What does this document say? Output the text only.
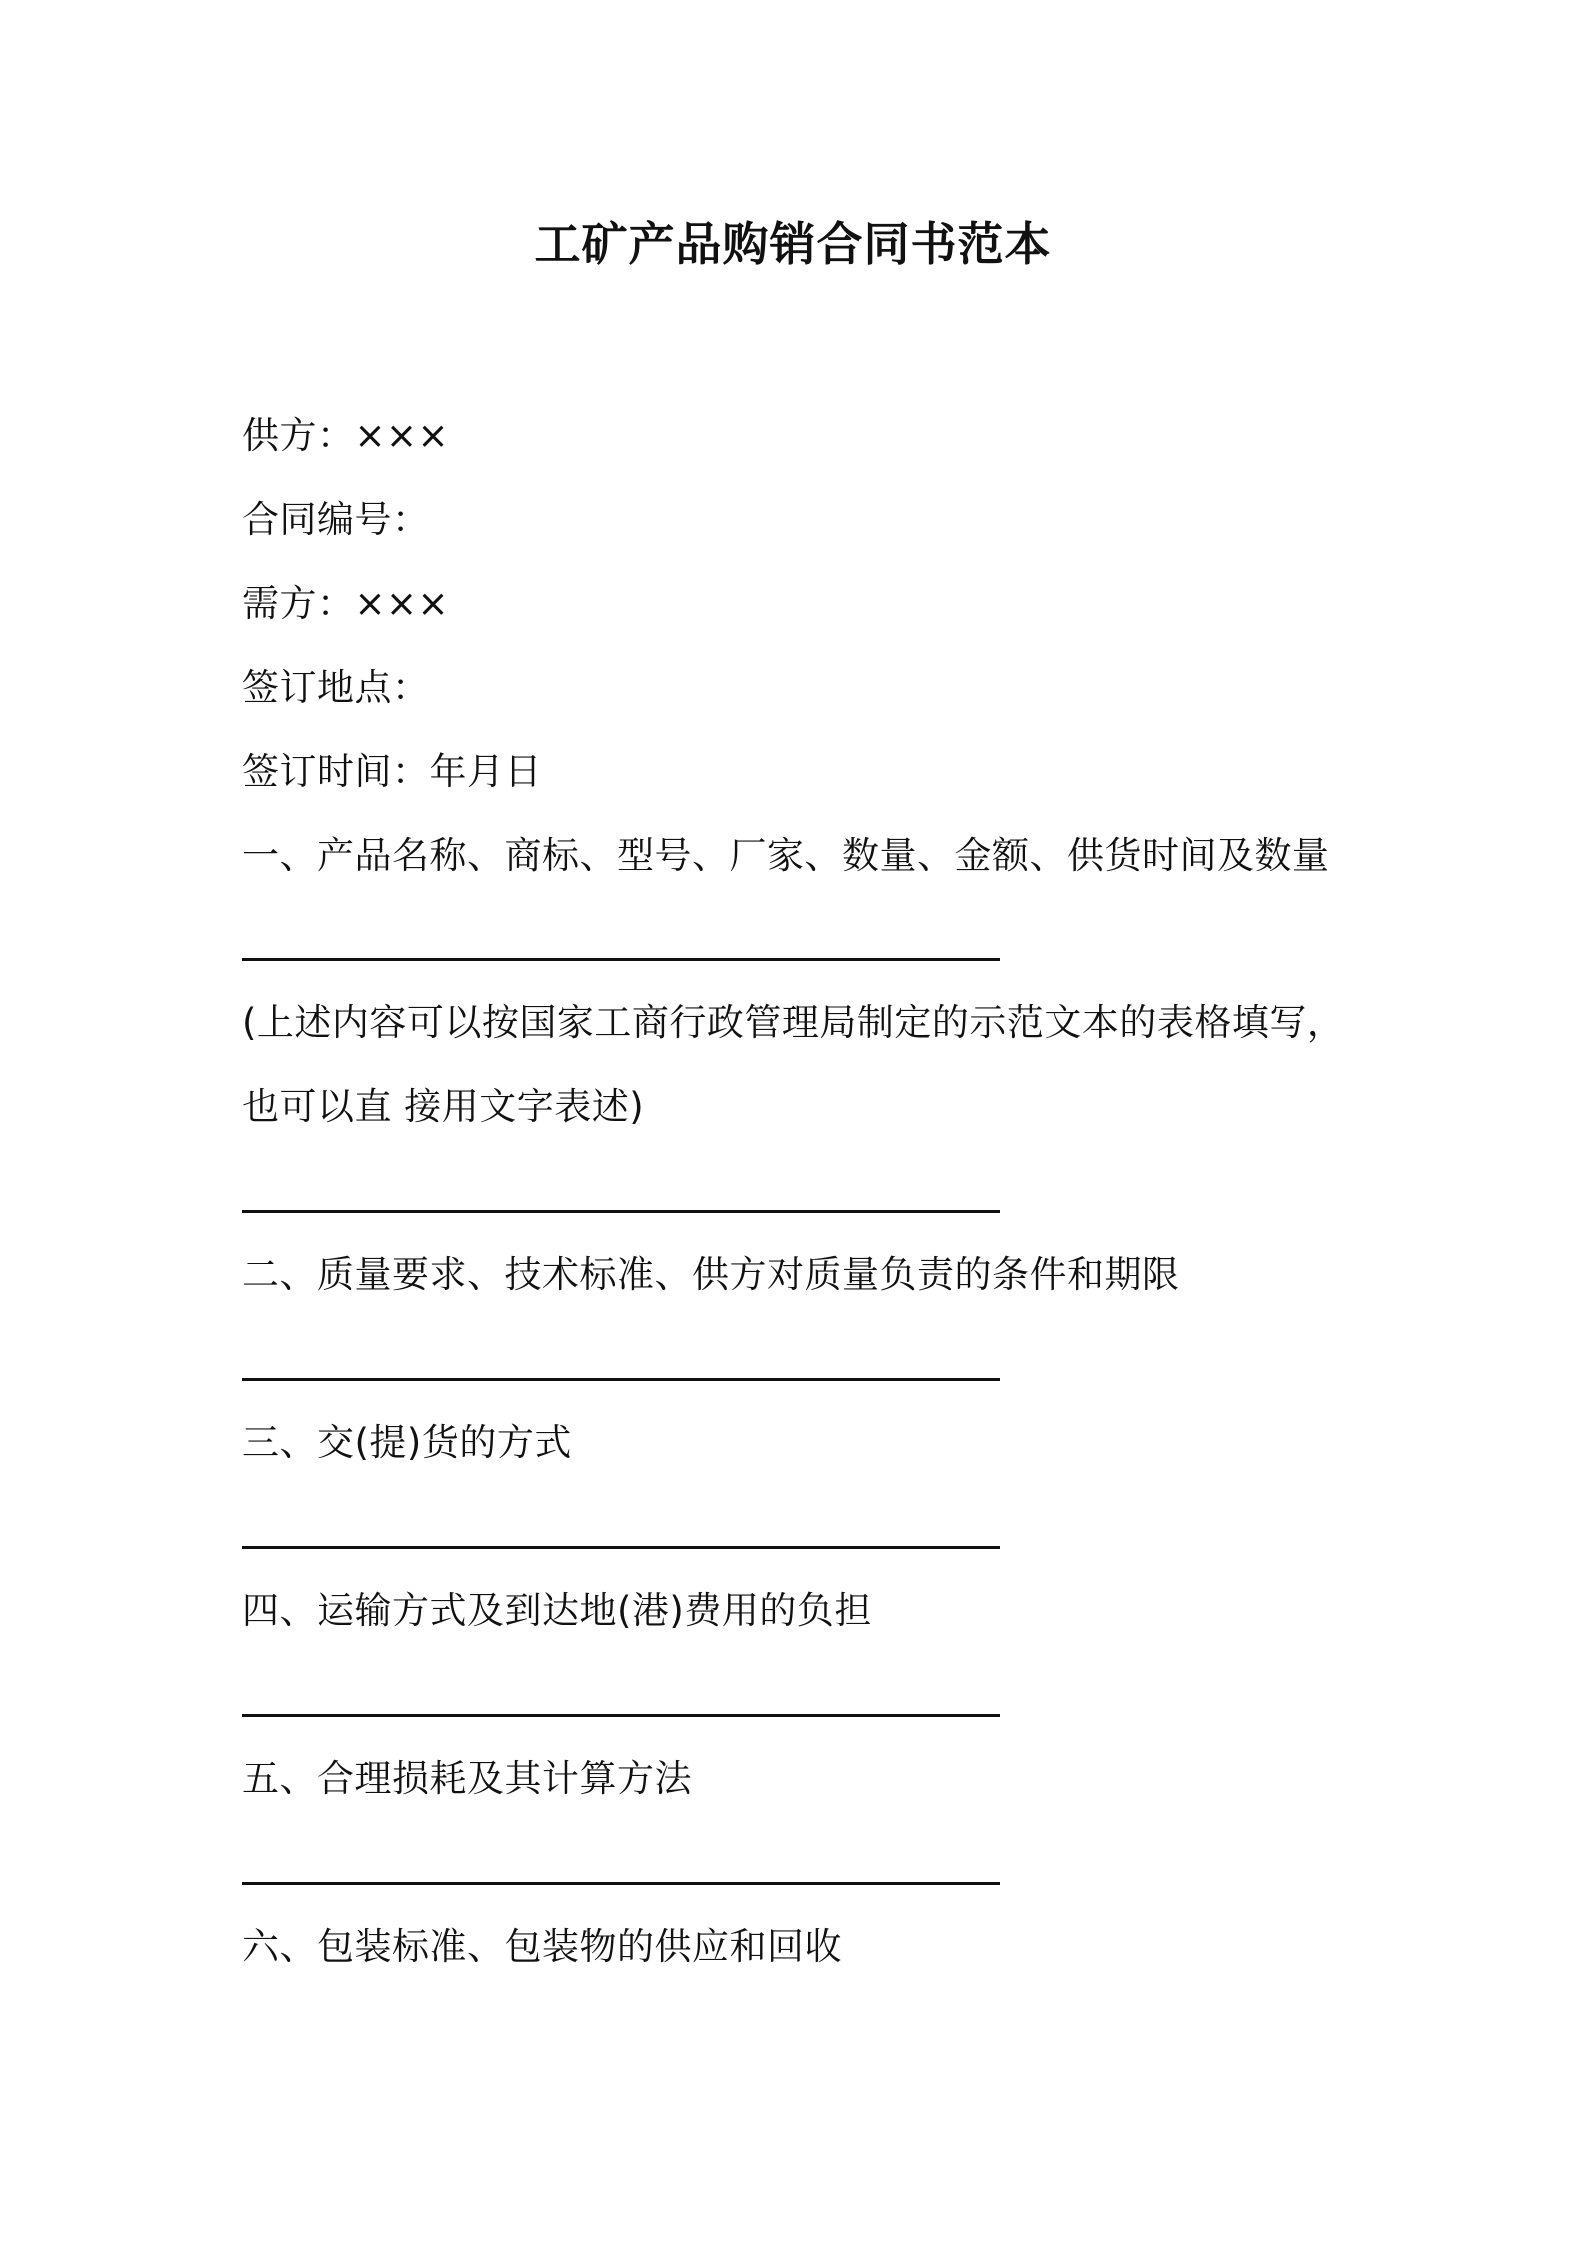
工矿产品购销合同书范本
供方：×××
合同编号：
需方：×××
签订地点：
签订时间：年月日
一、产品名称、商标、型号、厂家、数量、金额、供货时间及数量
(上述内容可以按国家工商行政管理局制定的示范文本的表格填写，
也可以直 接用文字表述)
二、质量要求、技术标准、供方对质量负责的条件和期限
三、交(提)货的方式
四、运输方式及到达地(港)费用的负担
五、合理损耗及其计算方法
六、包装标准、包装物的供应和回收
